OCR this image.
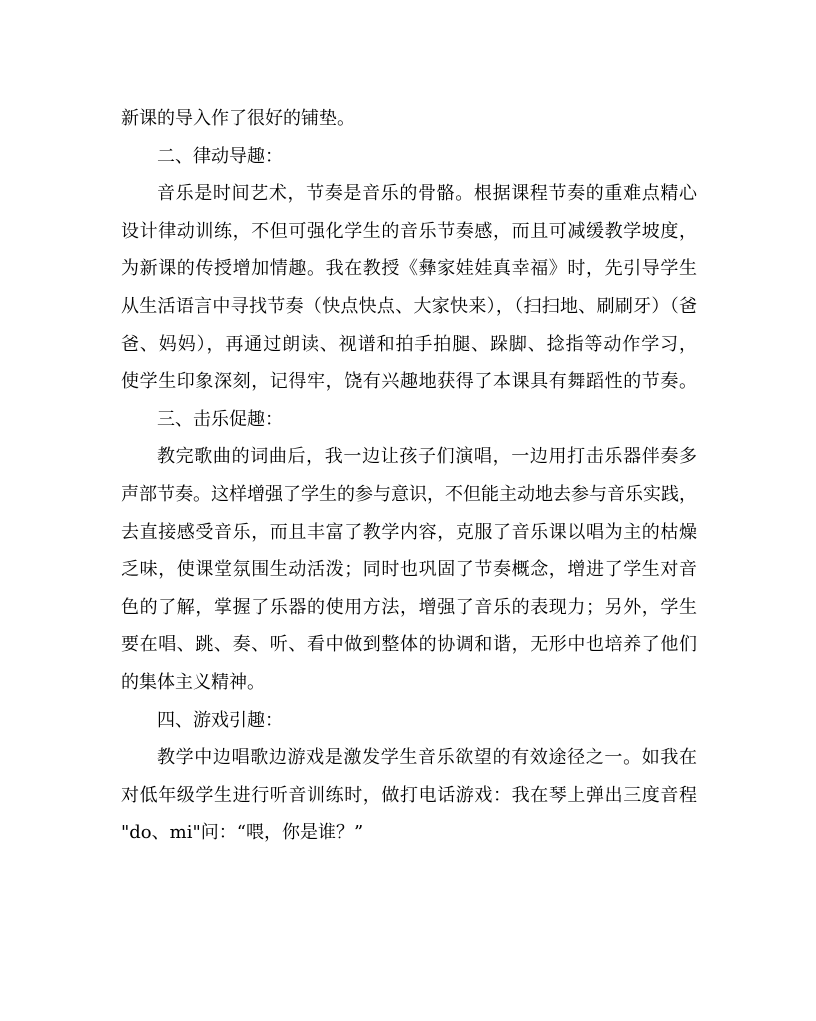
新课的导入作了很好的铺垫。
二、律动导趣：
音乐是时间艺术，节奏是音乐的骨骼。根据课程节奏的重难点精心
设计律动训练，不但可强化学生的音乐节奏感，而且可减缓教学坡度，
为新课的传授增加情趣。我在教授《彝家娃娃真幸福》时，先引导学生
从生活语言中寻找节奏（快点快点、大家快来），（扫扫地、刷刷牙）（爸
爸、妈妈），再通过朗读、视谱和拍手拍腿、跺脚、捻指等动作学习，
使学生印象深刻，记得牢，饶有兴趣地获得了本课具有舞蹈性的节奏。
三、击乐促趣：
教完歌曲的词曲后，我一边让孩子们演唱，一边用打击乐器伴奏多
声部节奏。这样增强了学生的参与意识，不但能主动地去参与音乐实践，
去直接感受音乐，而且丰富了教学内容，克服了音乐课以唱为主的枯燥
乏味，使课堂氛围生动活泼；同时也巩固了节奏概念，增进了学生对音
色的了解，掌握了乐器的使用方法，增强了音乐的表现力；另外，学生
要在唱、跳、奏、听、看中做到整体的协调和谐，无形中也培养了他们
的集体主义精神。
四、游戏引趣：
教学中边唱歌边游戏是激发学生音乐欲望的有效途径之一。如我在
对低年级学生进行听音训练时，做打电话游戏：我在琴上弹出三度音程
"do、mi"问：“喂，你是谁？”
